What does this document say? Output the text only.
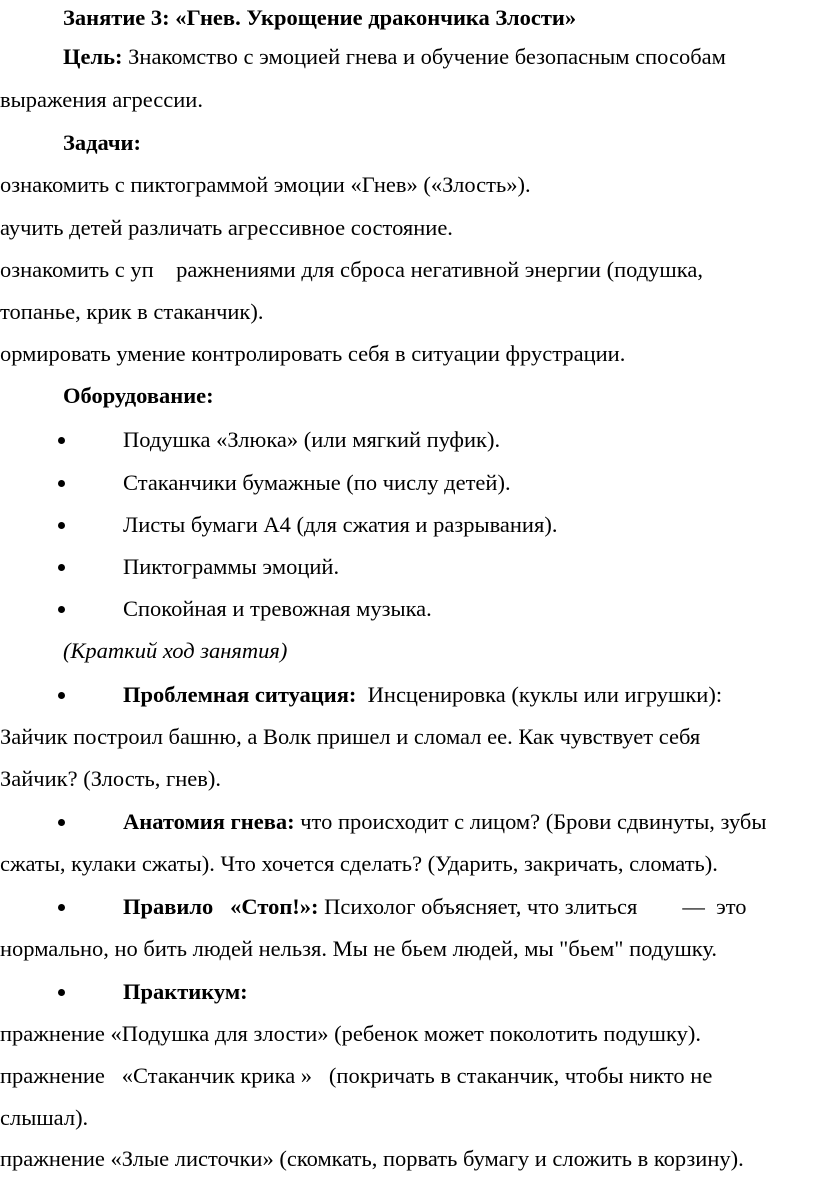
Занятие 3: «Гнев. Укрощение дракончика Злости»

Цель: Знакомство с эмоцией гнева и обучение безопасным способам

выражения агрессии.

Задачи:

ознакомить с пиктограммой эмоции «Гнев» («Злость»).

аучить детей различать агрессивное состояние.

ознакомить с уп    ражнениями для сброса негативной энергии (подушка,

топанье, крик в стаканчик).

ормировать умение контролировать себя в ситуации фрустрации.

Оборудование:

Подушка «Злюка» (или мягкий пуфик).

Стаканчики бумажные (по числу детей).

Листы бумаги А4 (для сжатия и разрывания).

Пиктограммы эмоций.

Спокойная и тревожная музыка.

(Краткий ход занятия)

Проблемная ситуация:  Инсценировка (куклы или игрушки):

Зайчик построил башню, а Волк пришел и сломал ее. Как чувствует себя

Зайчик? (Злость, гнев).

Анатомия гнева: что происходит с лицом? (Брови сдвинуты, зубы

сжаты, кулаки сжаты). Что хочется сделать? (Ударить, закричать, сломать).

Правило   «Стоп!»: Психолог объясняет, что злиться        —  это

нормально, но бить людей нельзя. Мы не бьем людей, мы "бьем" подушку.

Практикум:

пражнение «Подушка для злости» (ребенок может поколотить подушку).

пражнение   «Стаканчик крика »   (покричать в стаканчик, чтобы никто не

слышал).

пражнение «Злые листочки» (скомкать, порвать бумагу и сложить в корзину).
